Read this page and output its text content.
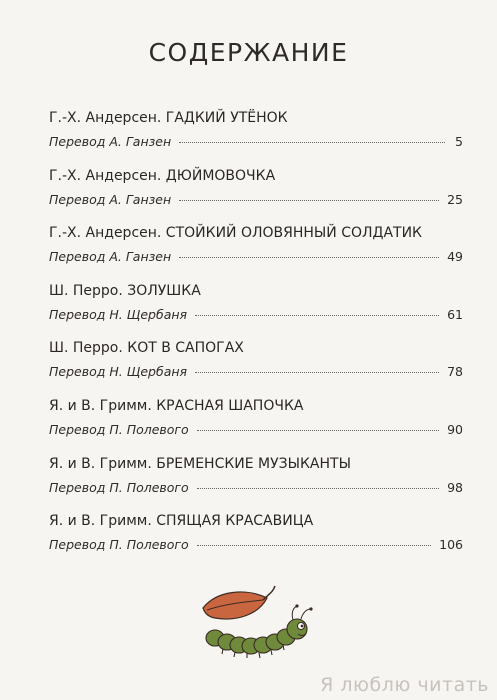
СОДЕРЖАНИЕ
Г.-Х. Андерсен. ГАДКИЙ УТЁНОК
Перевод А. Ганзен	5
Г.-Х. Андерсен. ДЮЙМОВОЧКА
Перевод А. Ганзен	25
Г.-Х. Андерсен. СТОЙКИЙ ОЛОВЯННЫЙ СОЛДАТИК
Перевод А. Ганзен	49
Ш. Перро. ЗОЛУШКА
Перевод Н. Щербаня	61
Ш. Перро. КОТ В САПОГАХ
Перевод Н. Щербаня	78
Я. и В. Гримм. КРАСНАЯ ШАПОЧКА
Перевод П. Полевого	90
Я. и В. Гримм. БРЕМЕНСКИЕ МУЗЫКАНТЫ
Перевод П. Полевого	98
Я. и В. Гримм. СПЯЩАЯ КРАСАВИЦА
Перевод П. Полевого	106
Я люблю читать
